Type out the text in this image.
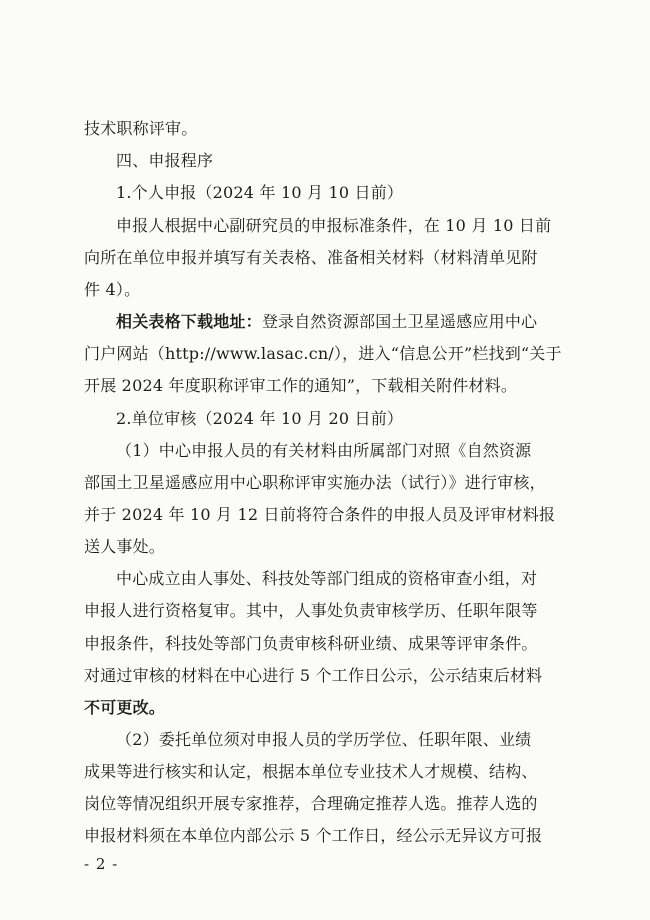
技术职称评审。
四、申报程序
1.个人申报（2024 年 10 月 10 日前）
申报人根据中心副研究员的申报标准条件，在 10 月 10 日前
向所在单位申报并填写有关表格、准备相关材料（材料清单见附
件 4）。
相关表格下载地址：登录自然资源部国土卫星遥感应用中心
门户网站（http://www.lasac.cn/），进入“信息公开”栏找到“关于
开展 2024 年度职称评审工作的通知”，下载相关附件材料。
2.单位审核（2024 年 10 月 20 日前）
（1）中心申报人员的有关材料由所属部门对照《自然资源
部国土卫星遥感应用中心职称评审实施办法（试行）》进行审核，
并于 2024 年 10 月 12 日前将符合条件的申报人员及评审材料报
送人事处。
中心成立由人事处、科技处等部门组成的资格审查小组，对
申报人进行资格复审。其中，人事处负责审核学历、任职年限等
申报条件，科技处等部门负责审核科研业绩、成果等评审条件。
对通过审核的材料在中心进行 5 个工作日公示，公示结束后材料
不可更改。
（2）委托单位须对申报人员的学历学位、任职年限、业绩
成果等进行核实和认定，根据本单位专业技术人才规模、结构、
岗位等情况组织开展专家推荐，合理确定推荐人选。推荐人选的
申报材料须在本单位内部公示 5 个工作日，经公示无异议方可报
- 2 -
